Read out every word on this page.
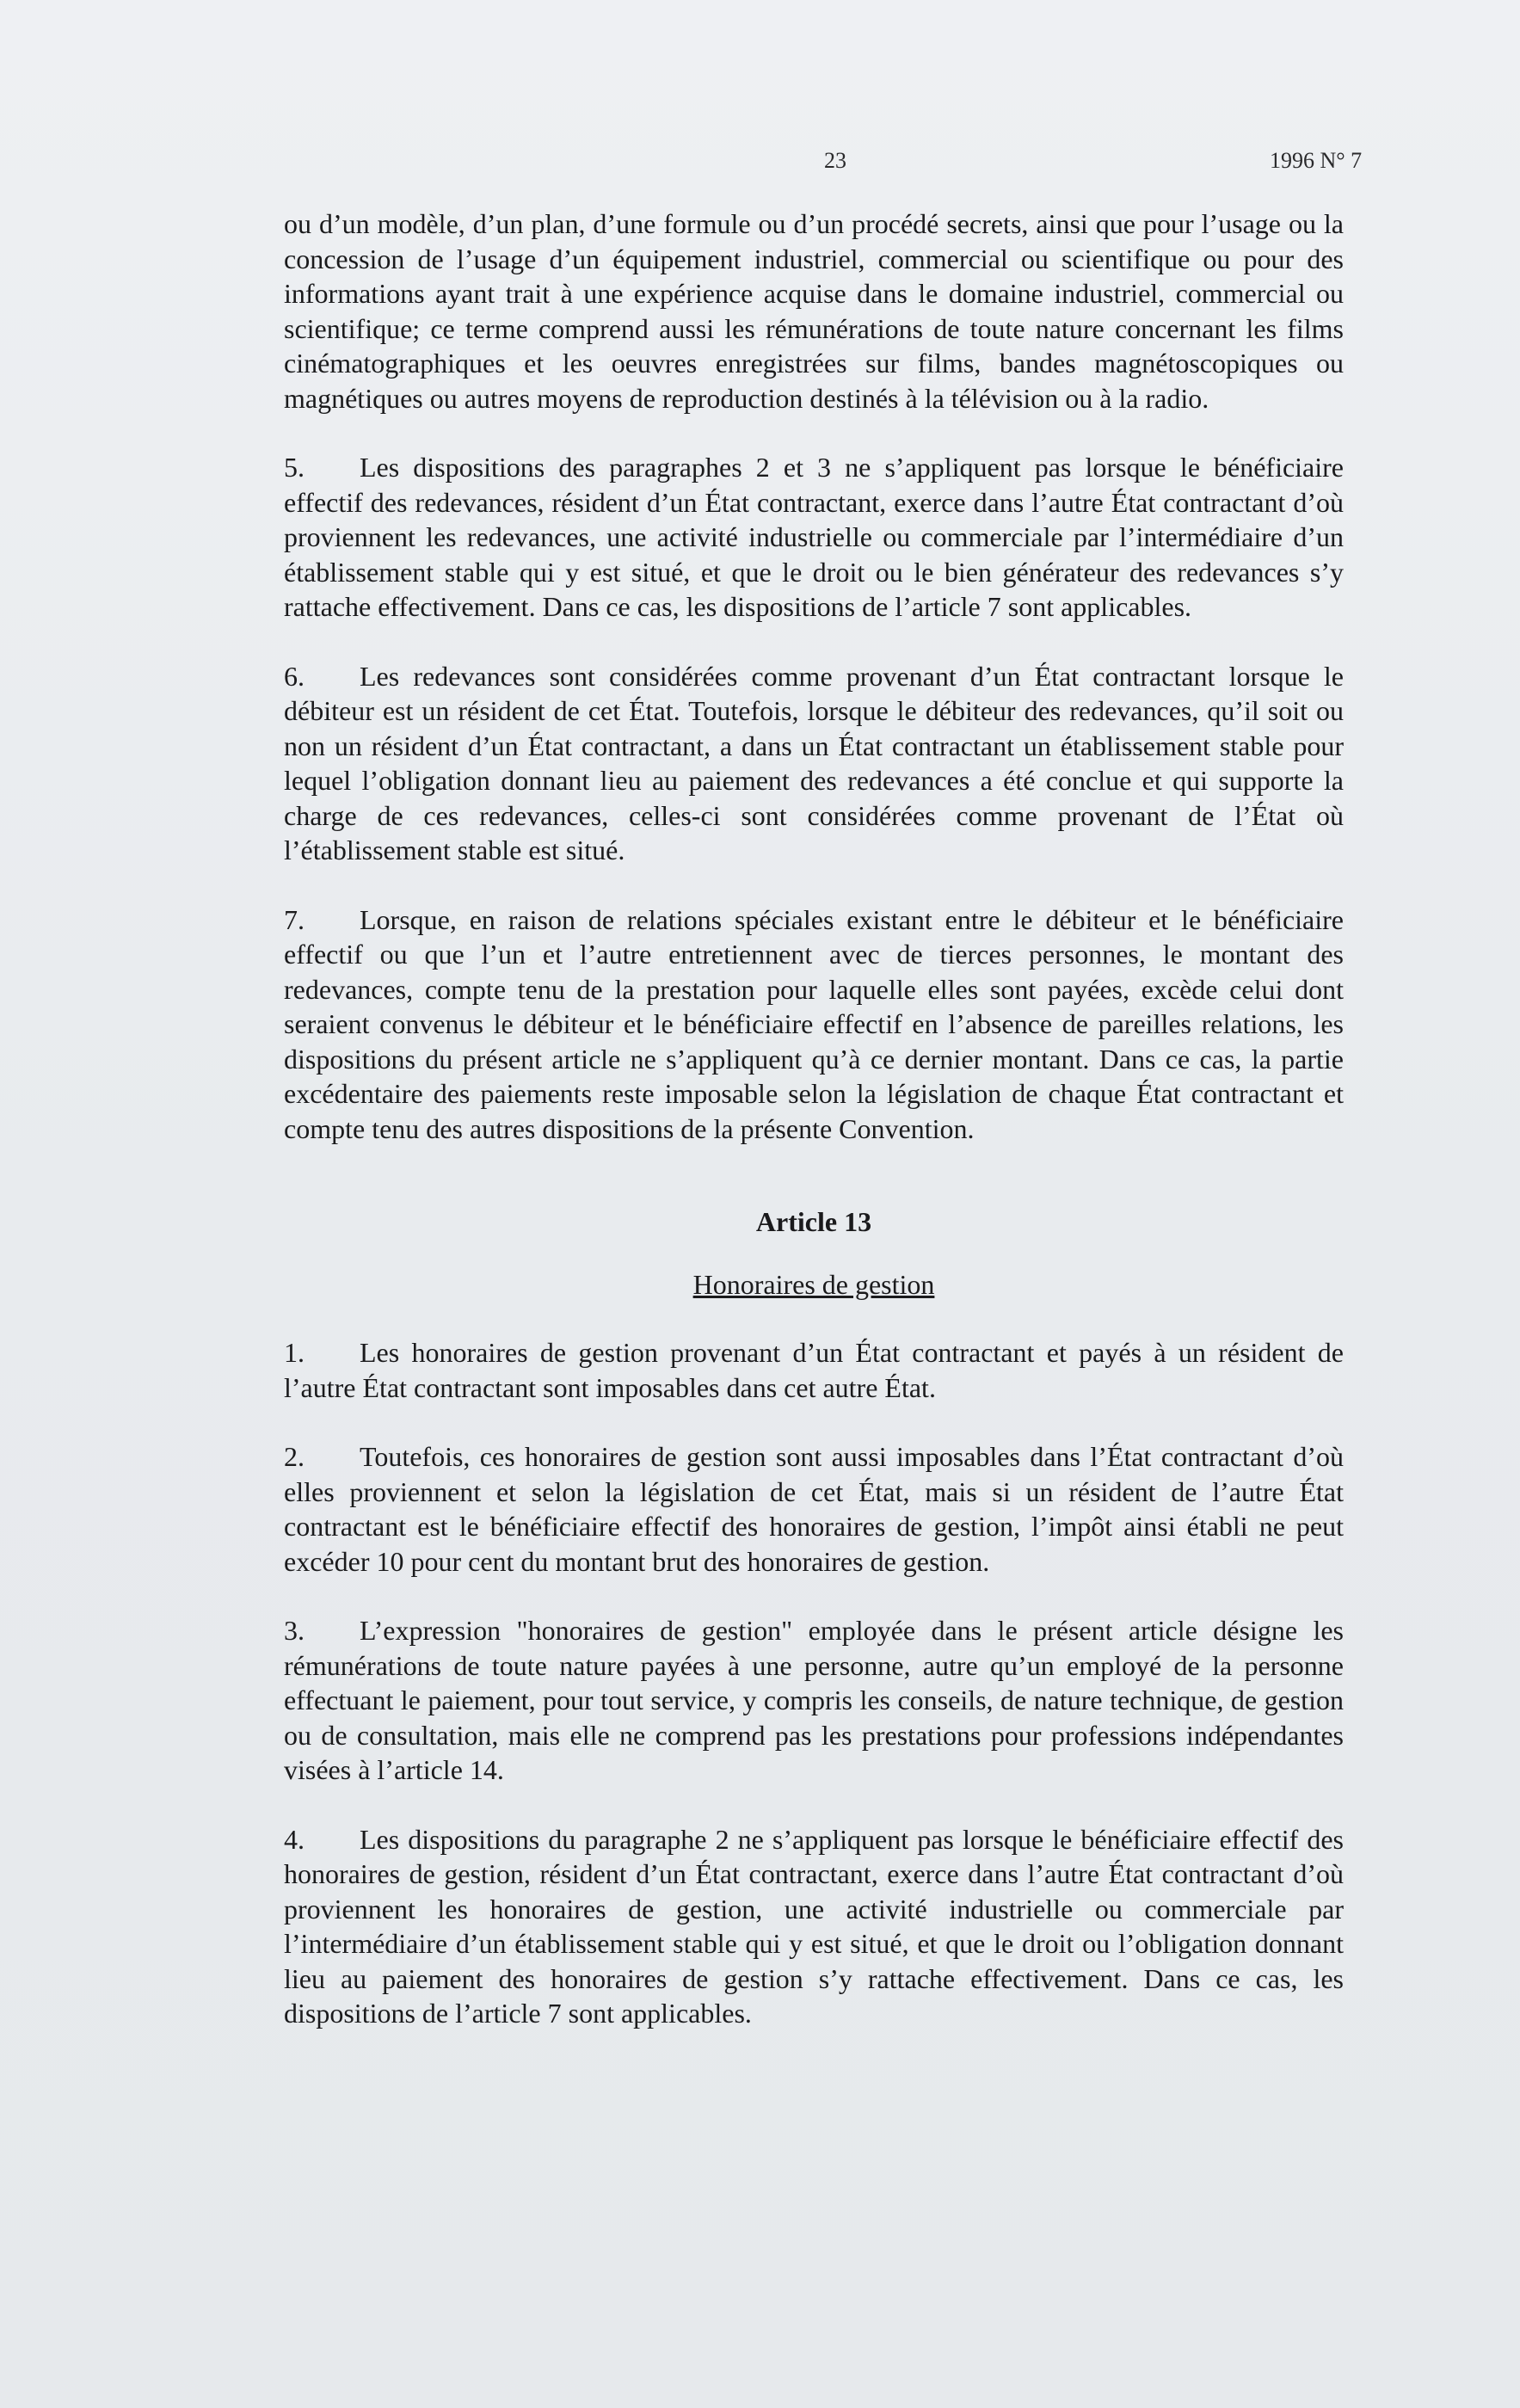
23	1996 N° 7

ou d’un modèle, d’un plan, d’une formule ou d’un procédé secrets, ainsi que pour l’usage ou la concession de l’usage d’un équipement industriel, commercial ou scientifique ou pour des informations ayant trait à une expérience acquise dans le domaine industriel, commercial ou scientifique; ce terme comprend aussi les rémunérations de toute nature concernant les films cinématographiques et les oeuvres enregistrées sur films, bandes magnétoscopiques ou magnétiques ou autres moyens de reproduction destinés à la télévision ou à la radio.

5. Les dispositions des paragraphes 2 et 3 ne s’appliquent pas lorsque le bénéficiaire effectif des redevances, résident d’un État contractant, exerce dans l’autre État contractant d’où proviennent les redevances, une activité industrielle ou commerciale par l’intermédiaire d’un établissement stable qui y est situé, et que le droit ou le bien générateur des redevances s’y rattache effectivement. Dans ce cas, les dispositions de l’article 7 sont applicables.

6. Les redevances sont considérées comme provenant d’un État contractant lorsque le débiteur est un résident de cet État. Toutefois, lorsque le débiteur des redevances, qu’il soit ou non un résident d’un État contractant, a dans un État contractant un établissement stable pour lequel l’obligation donnant lieu au paiement des redevances a été conclue et qui supporte la charge de ces redevances, celles-ci sont considérées comme provenant de l’État où l’établissement stable est situé.

7. Lorsque, en raison de relations spéciales existant entre le débiteur et le bénéficiaire effectif ou que l’un et l’autre entretiennent avec de tierces personnes, le montant des redevances, compte tenu de la prestation pour laquelle elles sont payées, excède celui dont seraient convenus le débiteur et le bénéficiaire effectif en l’absence de pareilles relations, les dispositions du présent article ne s’appliquent qu’à ce dernier montant. Dans ce cas, la partie excédentaire des paiements reste imposable selon la législation de chaque État contractant et compte tenu des autres dispositions de la présente Convention.

Article 13
Honoraires de gestion

1. Les honoraires de gestion provenant d’un État contractant et payés à un résident de l’autre État contractant sont imposables dans cet autre État.

2. Toutefois, ces honoraires de gestion sont aussi imposables dans l’État contractant d’où elles proviennent et selon la législation de cet État, mais si un résident de l’autre État contractant est le bénéficiaire effectif des honoraires de gestion, l’impôt ainsi établi ne peut excéder 10 pour cent du montant brut des honoraires de gestion.

3. L’expression "honoraires de gestion" employée dans le présent article désigne les rémunérations de toute nature payées à une personne, autre qu’un employé de la personne effectuant le paiement, pour tout service, y compris les conseils, de nature technique, de gestion ou de consultation, mais elle ne comprend pas les prestations pour professions indépendantes visées à l’article 14.

4. Les dispositions du paragraphe 2 ne s’appliquent pas lorsque le bénéficiaire effectif des honoraires de gestion, résident d’un État contractant, exerce dans l’autre État contractant d’où proviennent les honoraires de gestion, une activité industrielle ou commerciale par l’intermédiaire d’un établissement stable qui y est situé, et que le droit ou l’obligation donnant lieu au paiement des honoraires de gestion s’y rattache effectivement. Dans ce cas, les dispositions de l’article 7 sont applicables.
